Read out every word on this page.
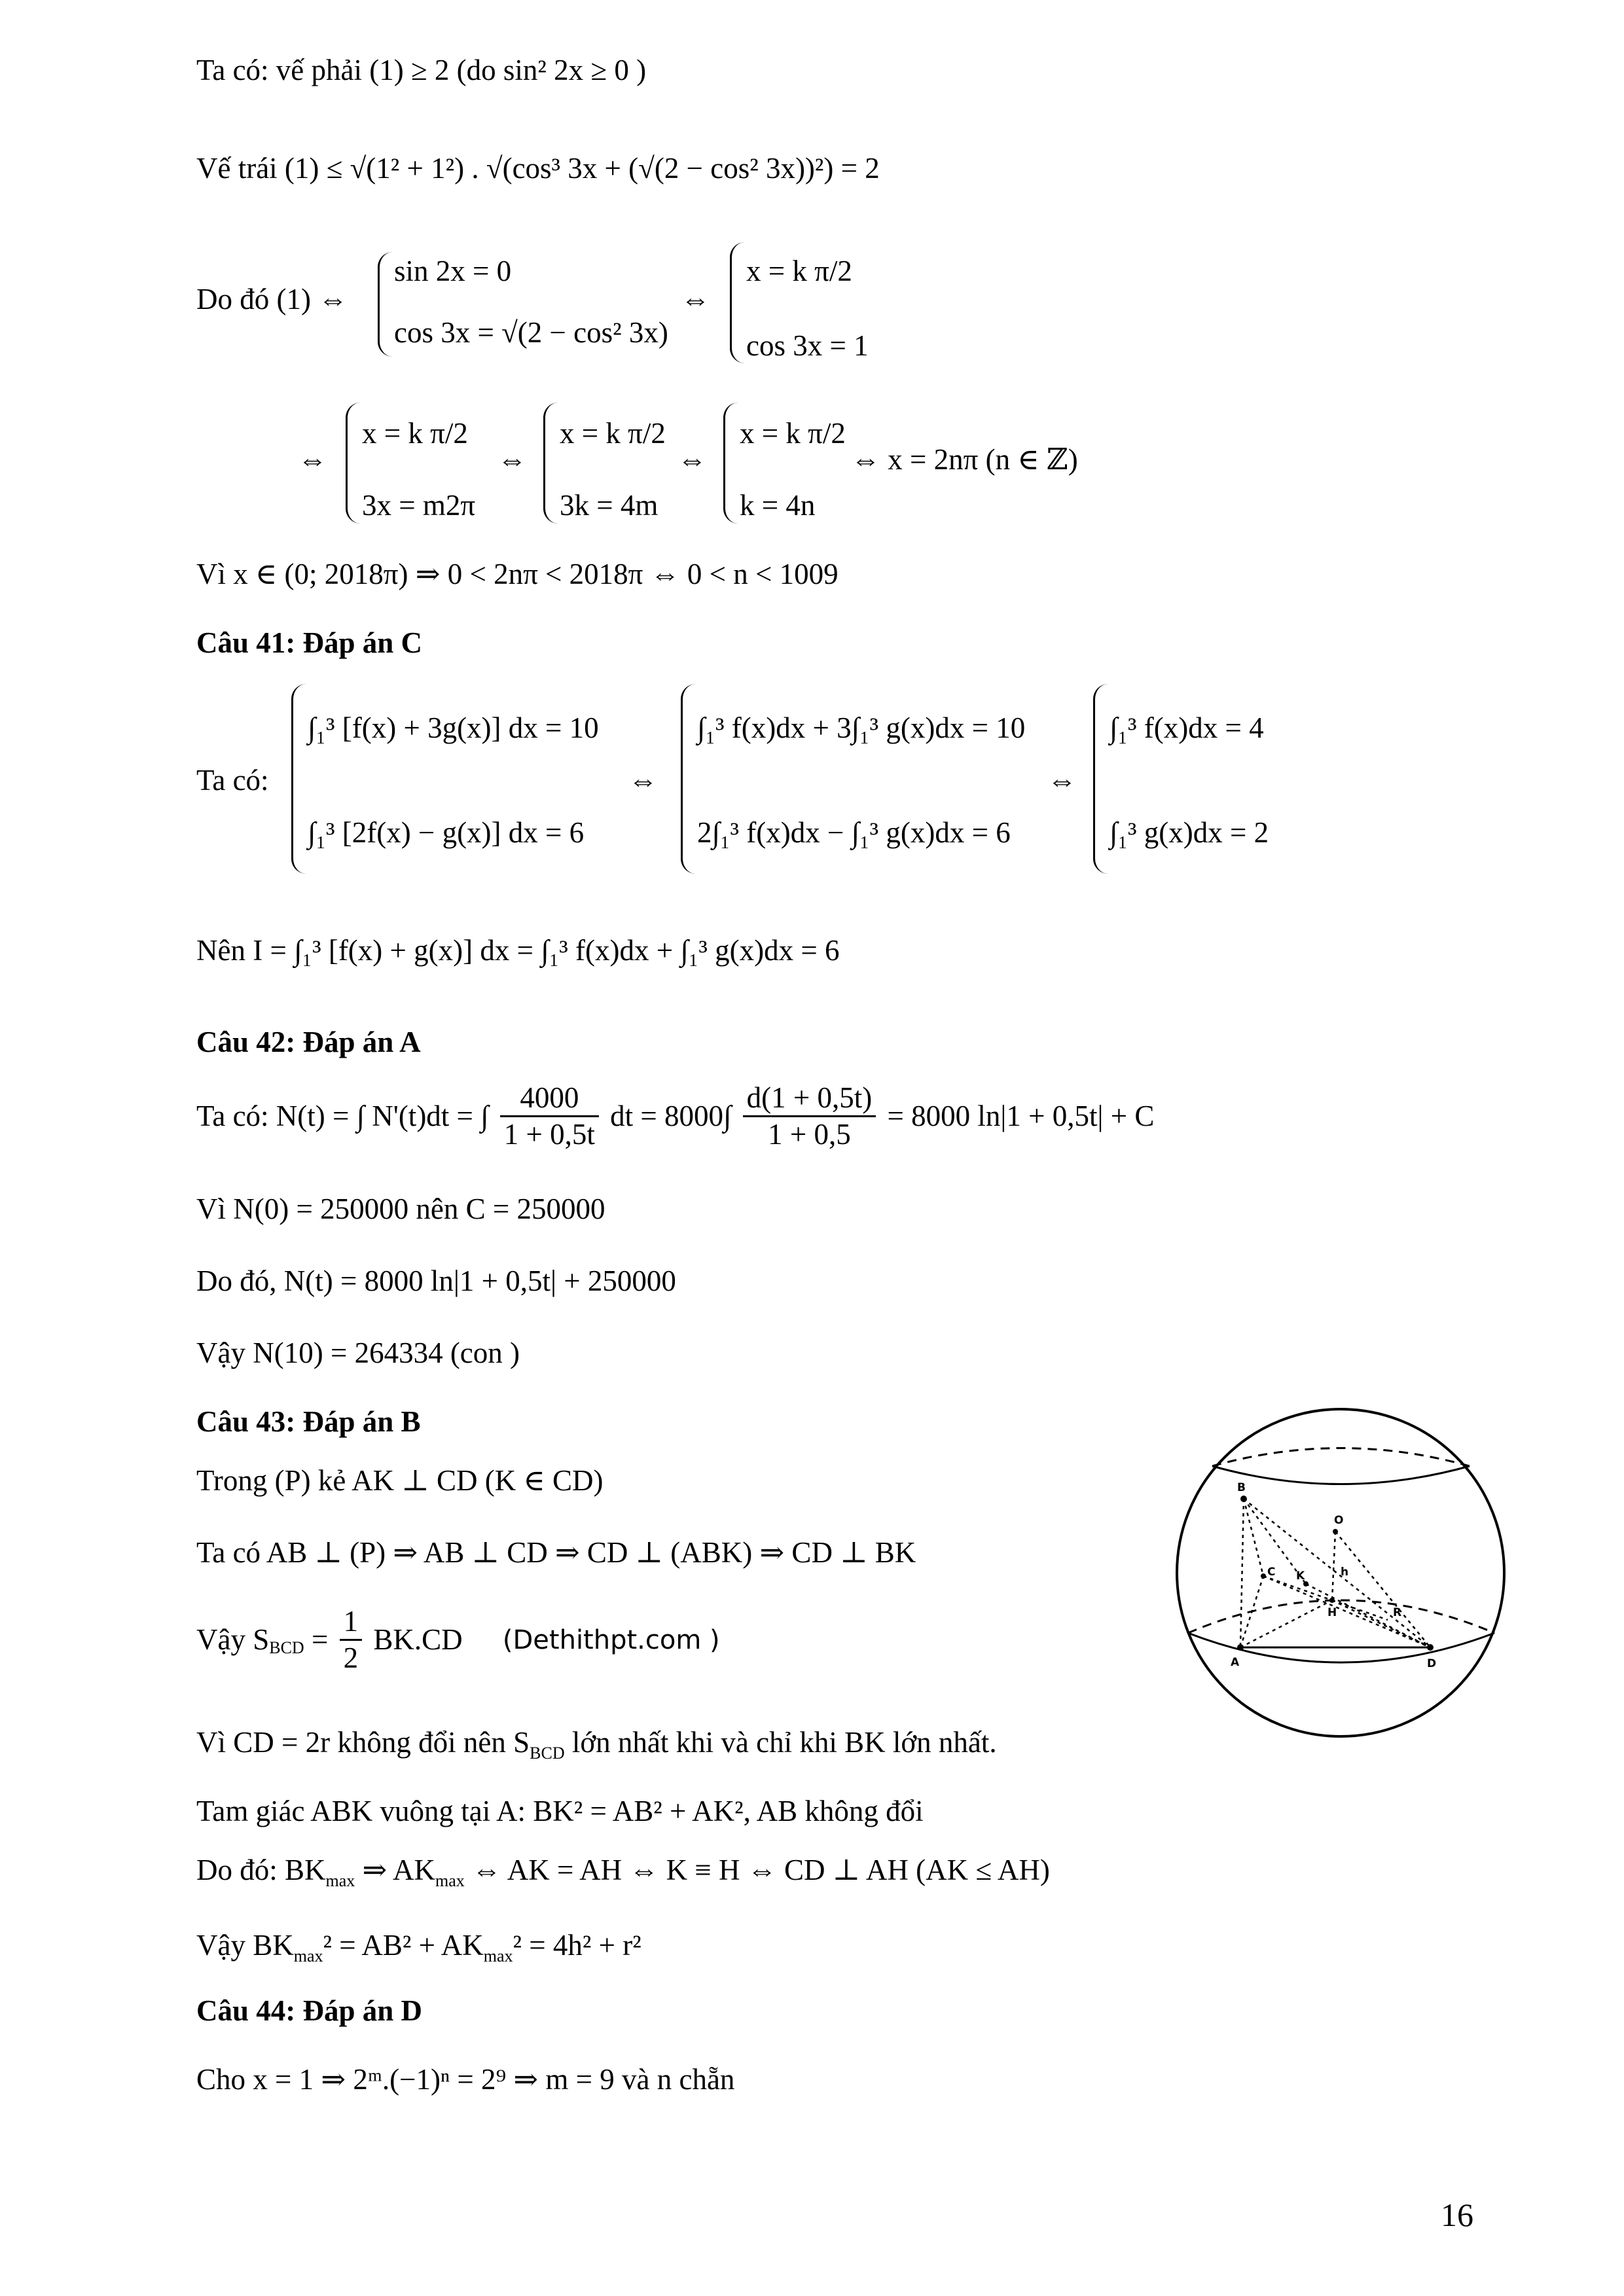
Ta có: vế phải (1) ≥ 2 (do sin² 2x ≥ 0 )
Vế trái (1) ≤ √(1² + 1²) . √(cos³ 3x + (√(2 − cos² 3x))²) = 2
Do đó (1) ⇔
sin 2x = 0
cos 3x = √(2 − cos² 3x)
⇔
x = k π/2
cos 3x = 1
⇔
x = k π/2
3x = m2π
⇔
x = k π/2
3k = 4m
⇔
x = k π/2
k = 4n
⇔ x = 2nπ (n ∈ ℤ)
Vì x ∈ (0; 2018π) ⇒ 0 < 2nπ < 2018π ⇔ 0 < n < 1009
Câu 41: Đáp án C
Ta có:
∫₁³ [f(x) + 3g(x)] dx = 10
∫₁³ [2f(x) − g(x)] dx = 6
⇔
∫₁³ f(x)dx + 3∫₁³ g(x)dx = 10
2∫₁³ f(x)dx − ∫₁³ g(x)dx = 6
⇔
∫₁³ f(x)dx = 4
∫₁³ g(x)dx = 2
Nên I = ∫₁³ [f(x) + g(x)] dx = ∫₁³ f(x)dx + ∫₁³ g(x)dx = 6
Câu 42: Đáp án A
Ta có: N(t) = ∫ N'(t)dt = ∫ $\frac{4000}{1 + 0,5t}$ dt = $8000\int \frac{d(1 + 0,5t)}{1 + 0,5} = 8000$ ln|1 + 0,5t| + C
Vì N(0) = 250000 nên C = 250000
Do đó, N(t) = 8000 ln|1 + 0,5t| + 250000
Vậy N(10) = 264334 (con )
Câu 43: Đáp án B
Trong (P) kẻ AK ⊥ CD (K ∈ CD)
Ta có AB ⊥ (P) ⇒ AB ⊥ CD ⇒ CD ⊥ (ABK) ⇒ CD ⊥ BK
Vậy $S_{BCD} = \frac{1}{2} BK.CD$ (Dethithpt.com )
Vì CD = 2r không đổi nên $S_{BCD}$ lớn nhất khi và chỉ khi BK lớn nhất.
Tam giác ABK vuông tại A: BK² = AB² + AK², AB không đổi
Do đó: $BK_{max}$ ⇒ $AK_{max}$ ⇔ AK = AH ⇔ K ≡ H ⇔ CD ⊥ AH (AK ≤ AH)
Vậy $BK_{max}^2 = AB^2 + AK_{max}^2 = 4h^2 + r^2$
Câu 44: Đáp án D
Cho x = 1 ⇒ 2ᵐ.(−1)ⁿ = 2⁹ ⇒ m = 9 và n chẵn
B
O
C K	h
R
H
A	D
16
